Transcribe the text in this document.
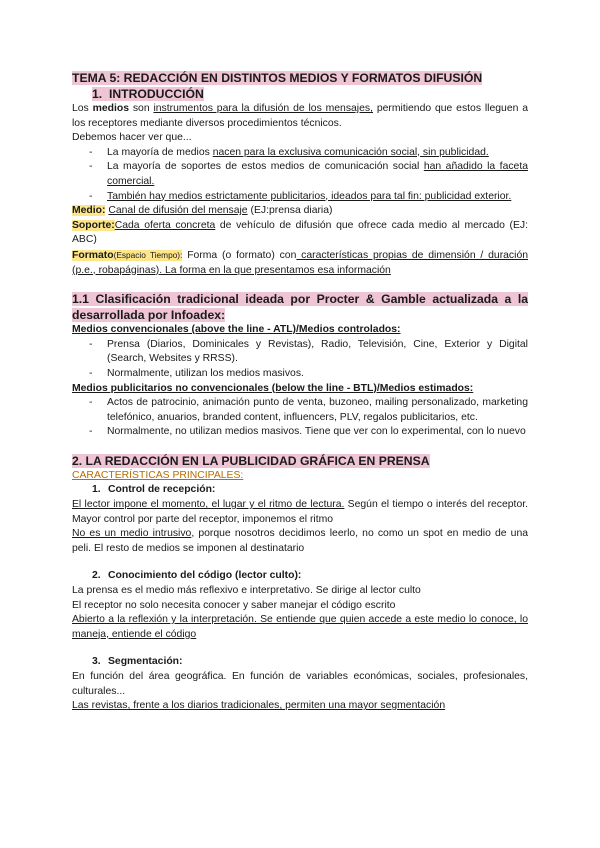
TEMA 5: REDACCIÓN EN DISTINTOS MEDIOS Y FORMATOS DIFUSIÓN
1. INTRODUCCIÓN

Los medios son instrumentos para la difusión de los mensajes, permitiendo que estos lleguen a los receptores mediante diversos procedimientos técnicos.

Debemos hacer ver que...

- La mayoría de medios nacen para la exclusiva comunicación social, sin publicidad.
- La mayoría de soportes de estos medios de comunicación social han añadido la faceta comercial.
- También hay medios estrictamente publicitarios, ideados para tal fin: publicidad exterior.

Medio: Canal de difusión del mensaje (EJ:prensa diaria)

Soporte:Cada oferta concreta de vehículo de difusión que ofrece cada medio al mercado (EJ: ABC)

Formato(Espacio Tiempo): Forma (o formato) con características propias de dimensión / duración (p.e., robapáginas). La forma en la que presentamos esa información

1.1 Clasificación tradicional ideada por Procter & Gamble actualizada a la desarrollada por Infoadex:

Medios convencionales (above the line - ATL)/Medios controlados:

- Prensa (Diarios, Dominicales y Revistas), Radio, Televisión, Cine, Exterior y Digital (Search, Websites y RRSS).
- Normalmente, utilizan los medios masivos.

Medios publicitarios no convencionales (below the line - BTL)/Medios estimados:

- Actos de patrocinio, animación punto de venta, buzoneo, mailing personalizado, marketing telefónico, anuarios, branded content, influencers, PLV, regalos publicitarios, etc.
- Normalmente, no utilizan medios masivos. Tiene que ver con lo experimental, con lo nuevo
2. LA REDACCIÓN EN LA PUBLICIDAD GRÁFICA EN PRENSA

CARACTERÍSTICAS PRINCIPALES:

1. Control de recepción:

El lector impone el momento, el lugar y el ritmo de lectura. Según el tiempo o interés del receptor. Mayor control por parte del receptor, imponemos el ritmo

No es un medio intrusivo, porque nosotros decidimos leerlo, no como un spot en medio de una peli. El resto de medios se imponen al destinatario

2. Conocimiento del código (lector culto):

La prensa es el medio más reflexivo e interpretativo. Se dirige al lector culto

El receptor no solo necesita conocer y saber manejar el código escrito

Abierto a la reflexión y la interpretación. Se entiende que quien accede a este medio lo conoce, lo maneja, entiende el código

3. Segmentación:

En función del área geográfica. En función de variables económicas, sociales, profesionales, culturales...

Las revistas, frente a los diarios tradicionales, permiten una mayor segmentación
